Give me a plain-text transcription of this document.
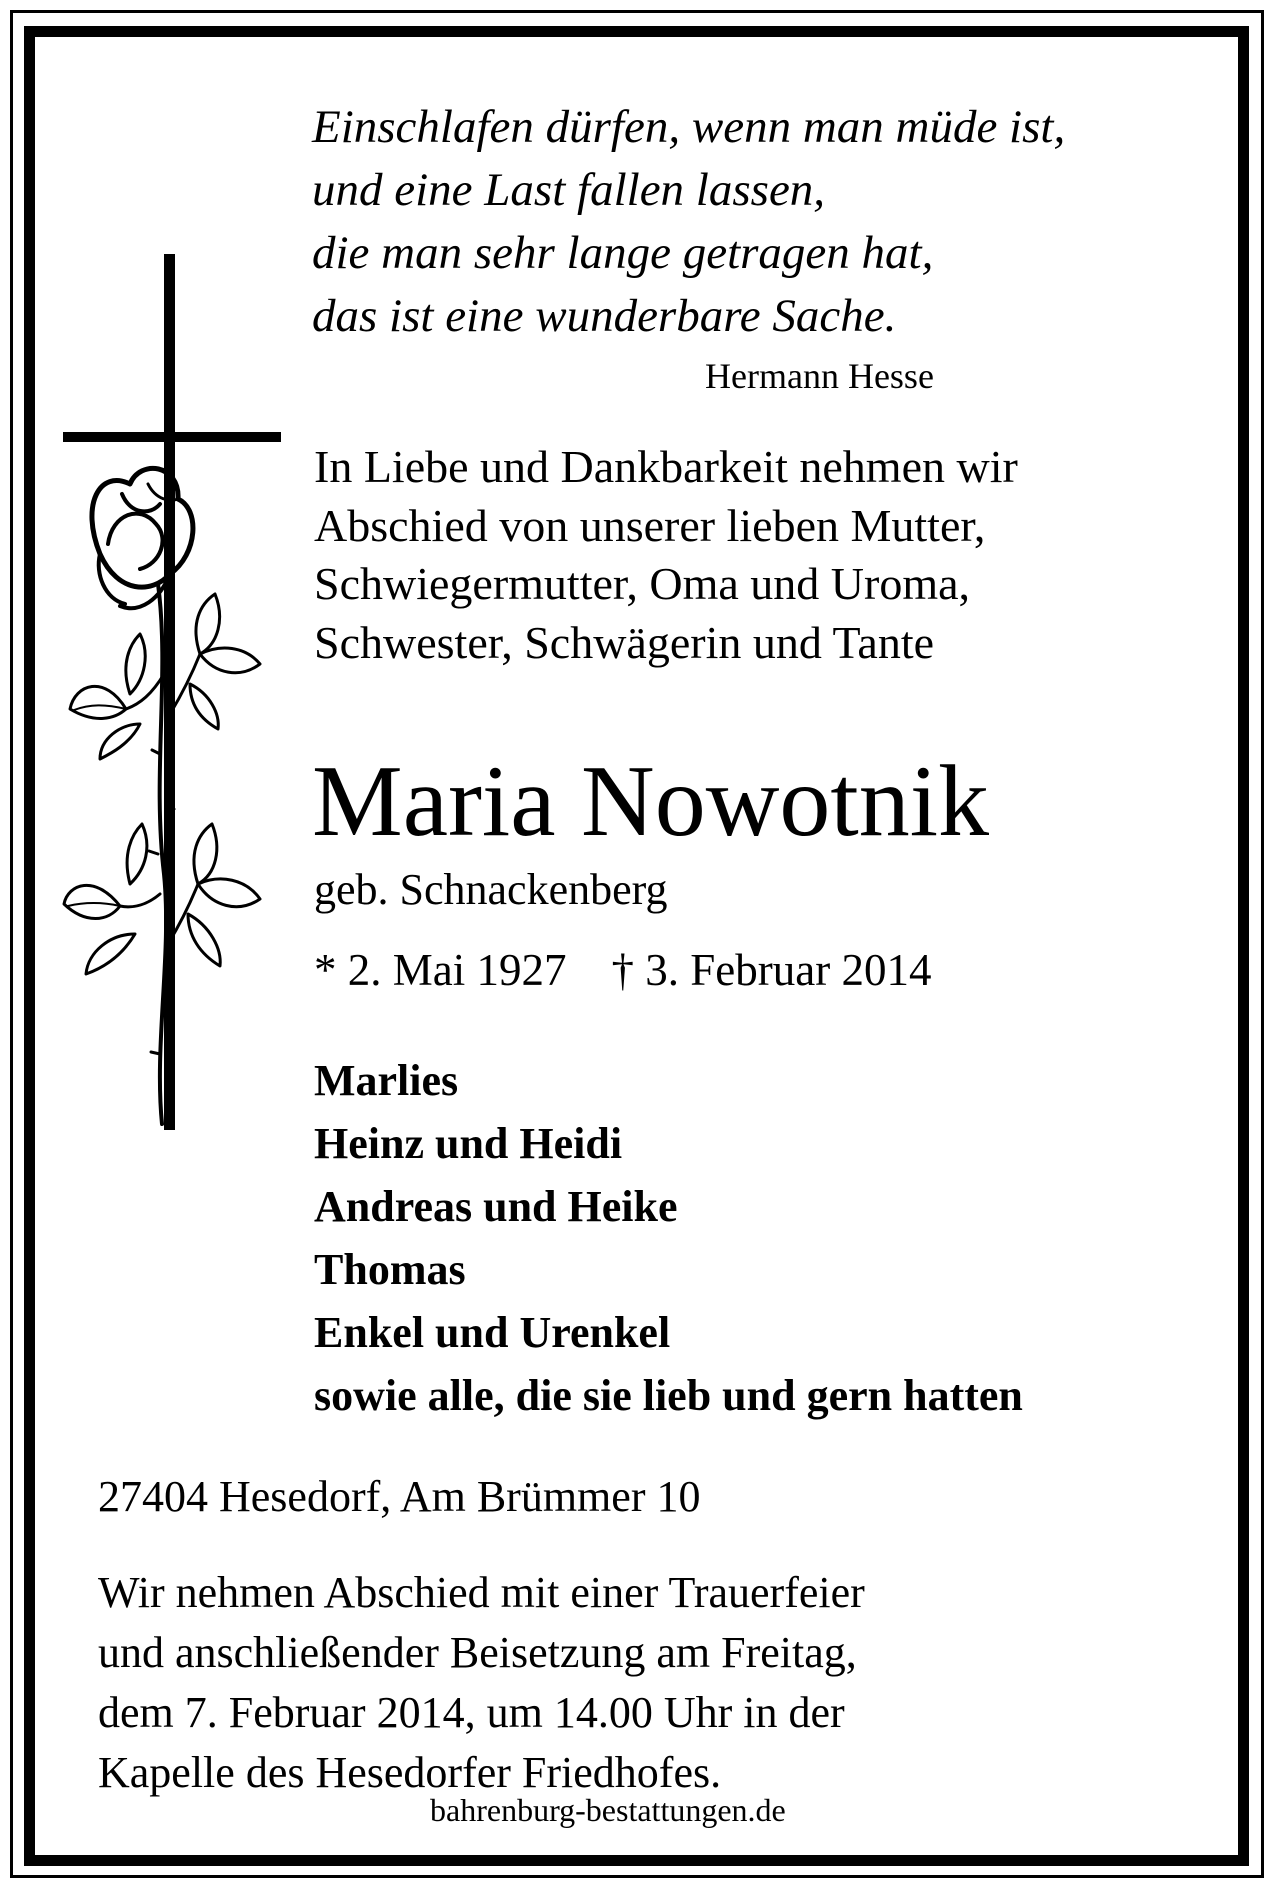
Einschlafen dürfen, wenn man müde ist,
und eine Last fallen lassen,
die man sehr lange getragen hat,
das ist eine wunderbare Sache.
Hermann Hesse
In Liebe und Dankbarkeit nehmen wir
Abschied von unserer lieben Mutter,
Schwiegermutter, Oma und Uroma,
Schwester, Schwägerin und Tante
Maria Nowotnik
geb. Schnackenberg
* 2. Mai 1927 † 3. Februar 2014
Marlies
Heinz und Heidi
Andreas und Heike
Thomas
Enkel und Urenkel
sowie alle, die sie lieb und gern hatten
27404 Hesedorf, Am Brümmer 10
Wir nehmen Abschied mit einer Trauerfeier
und anschließender Beisetzung am Freitag,
dem 7. Februar 2014, um 14.00 Uhr in der
Kapelle des Hesedorfer Friedhofes.
bahrenburg-bestattungen.de
